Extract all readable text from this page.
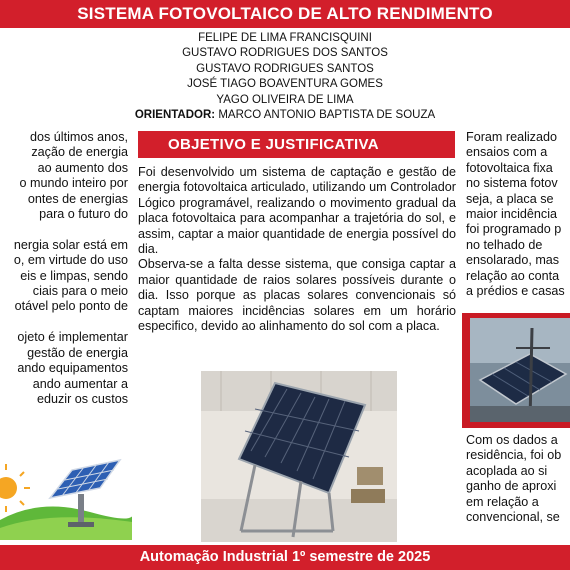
SISTEMA FOTOVOLTAICO DE ALTO RENDIMENTO
FELIPE DE LIMA FRANCISQUINI
GUSTAVO RODRIGUES DOS SANTOS
GUSTAVO RODRIGUES SANTOS
JOSÉ TIAGO BOAVENTURA GOMES
YAGO OLIVEIRA DE LIMA
ORIENTADOR: MARCO ANTONIO BAPTISTA DE SOUZA
dos últimos anos,
zação de energia
ao aumento dos
o mundo inteiro por
ontes de energias
para o futuro do

nergia solar está em
o, em virtude do uso
eis e limpas, sendo
ciais para o meio
otável pelo ponto de

ojeto é implementar
gestão de energia
ando equipamentos
ando aumentar a
eduzir os custos
OBJETIVO E JUSTIFICATIVA

Foi desenvolvido um sistema de captação e gestão de energia fotovoltaica articulado, utilizando um Controlador Lógico programável, realizando o movimento gradual da placa fotovoltaica para acompanhar a trajetória do sol, e assim, captar a maior quantidade de energia possível do dia.

Observa-se a falta desse sistema, que consiga captar a maior quantidade de raios solares possíveis durante o dia. Isso porque as placas solares convencionais só captam maiores incidências solares em um horário especifico, devido ao alinhamento do sol com a placa.

Foram realizado
ensaios com a
fotovoltaica fixa
no sistema fotov
seja, a placa se
maior incidência
foi programado p
no telhado de
ensolarado, mas
relação ao conta
a prédios e casas
Com os dados a
residência, foi ob
acoplada ao si
ganho de aproxi
em relação a
convencional, se
Automação Industrial 1º semestre de 2025
